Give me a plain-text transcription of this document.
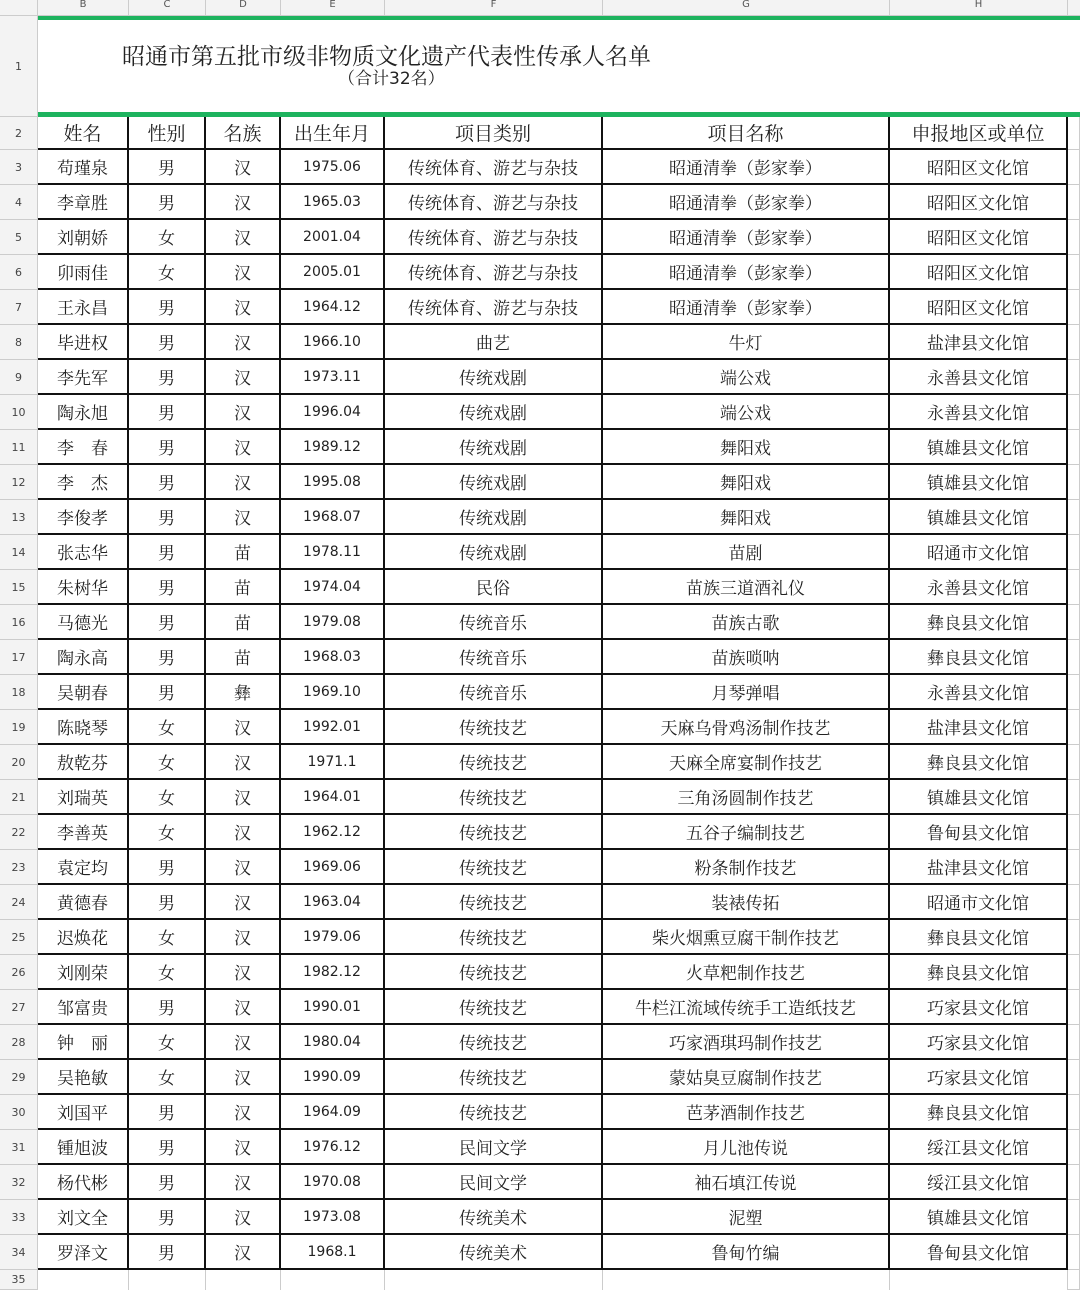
B	C	D	E	F	G	H
昭通市第五批市级非物质文化遗产代表性传承人名单
（合计32名）
1
2
3
4
5
6
7
8
9
10
11
12
13
14
15
16
17
18
19
20
21
22
23
24
25
26
27
28
29
30
31
32
33
34
35
姓名	性别	名族	出生年月	项目类别	项目名称	申报地区或单位
苟瑾泉	男	汉	1975.06	传统体育、游艺与杂技	昭通清拳（彭家拳）	昭阳区文化馆
李章胜	男	汉	1965.03	传统体育、游艺与杂技	昭通清拳（彭家拳）	昭阳区文化馆
刘朝娇	女	汉	2001.04	传统体育、游艺与杂技	昭通清拳（彭家拳）	昭阳区文化馆
卯雨佳	女	汉	2005.01	传统体育、游艺与杂技	昭通清拳（彭家拳）	昭阳区文化馆
王永昌	男	汉	1964.12	传统体育、游艺与杂技	昭通清拳（彭家拳）	昭阳区文化馆
毕进权	男	汉	1966.10	曲艺	牛灯	盐津县文化馆
李先军	男	汉	1973.11	传统戏剧	端公戏	永善县文化馆
陶永旭	男	汉	1996.04	传统戏剧	端公戏	永善县文化馆
李　春	男	汉	1989.12	传统戏剧	舞阳戏	镇雄县文化馆
李　杰	男	汉	1995.08	传统戏剧	舞阳戏	镇雄县文化馆
李俊孝	男	汉	1968.07	传统戏剧	舞阳戏	镇雄县文化馆
张志华	男	苗	1978.11	传统戏剧	苗剧	昭通市文化馆
朱树华	男	苗	1974.04	民俗	苗族三道酒礼仪	永善县文化馆
马德光	男	苗	1979.08	传统音乐	苗族古歌	彝良县文化馆
陶永高	男	苗	1968.03	传统音乐	苗族唢呐	彝良县文化馆
吴朝春	男	彝	1969.10	传统音乐	月琴弹唱	永善县文化馆
陈晓琴	女	汉	1992.01	传统技艺	天麻乌骨鸡汤制作技艺	盐津县文化馆
敖乾芬	女	汉	1971.1	传统技艺	天麻全席宴制作技艺	彝良县文化馆
刘瑞英	女	汉	1964.01	传统技艺	三角汤圆制作技艺	镇雄县文化馆
李善英	女	汉	1962.12	传统技艺	五谷子编制技艺	鲁甸县文化馆
袁定均	男	汉	1969.06	传统技艺	粉条制作技艺	盐津县文化馆
黄德春	男	汉	1963.04	传统技艺	装裱传拓	昭通市文化馆
迟焕花	女	汉	1979.06	传统技艺	柴火烟熏豆腐干制作技艺	彝良县文化馆
刘刚荣	女	汉	1982.12	传统技艺	火草粑制作技艺	彝良县文化馆
邹富贵	男	汉	1990.01	传统技艺	牛栏江流域传统手工造纸技艺	巧家县文化馆
钟　丽	女	汉	1980.04	传统技艺	巧家酒琪玛制作技艺	巧家县文化馆
吴艳敏	女	汉	1990.09	传统技艺	蒙姑臭豆腐制作技艺	巧家县文化馆
刘国平	男	汉	1964.09	传统技艺	芭茅酒制作技艺	彝良县文化馆
锺旭波	男	汉	1976.12	民间文学	月儿池传说	绥江县文化馆
杨代彬	男	汉	1970.08	民间文学	袖石填江传说	绥江县文化馆
刘文全	男	汉	1973.08	传统美术	泥塑	镇雄县文化馆
罗泽文	男	汉	1968.1	传统美术	鲁甸竹编	鲁甸县文化馆
